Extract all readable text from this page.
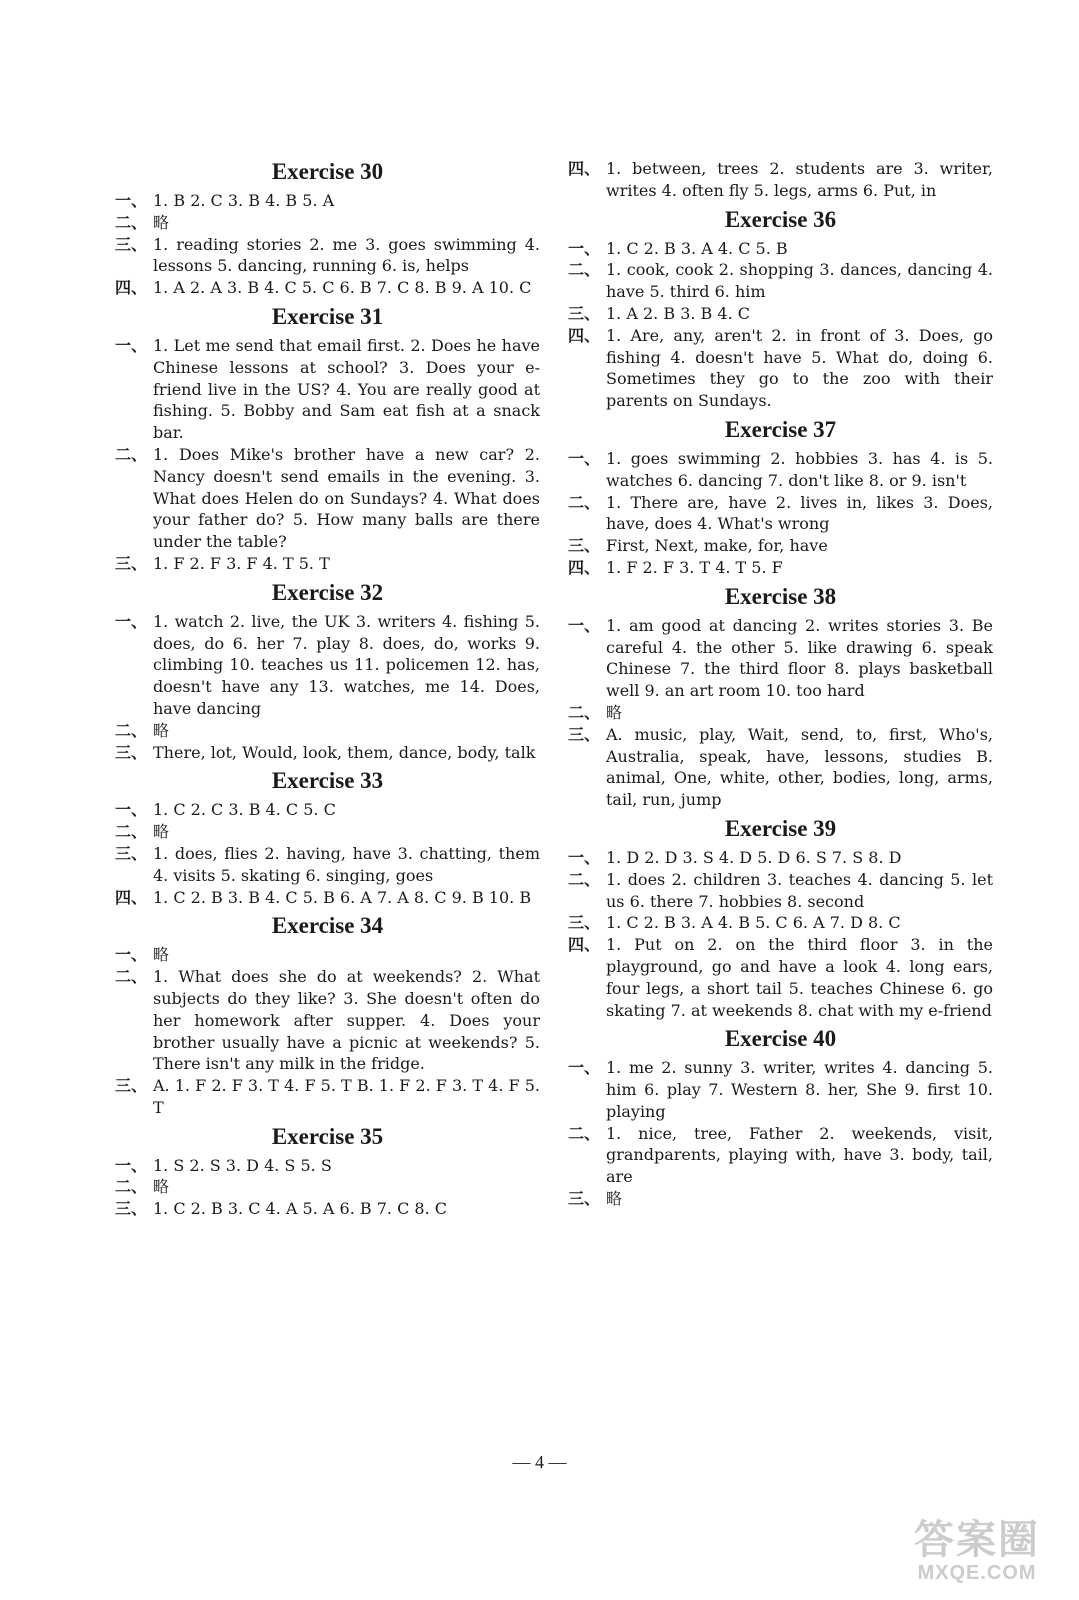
Exercise 30
一、 1. B 2. C 3. B 4. B 5. A
二、 略
三、 1. reading stories 2. me 3. goes swimming 4. lessons 5. dancing, running 6. is, helps
四、 1. A 2. A 3. B 4. C 5. C 6. B 7. C 8. B 9. A 10. C
Exercise 31
一、 1. Let me send that email first. 2. Does he have Chinese lessons at school? 3. Does your e-friend live in the US? 4. You are really good at fishing. 5. Bobby and Sam eat fish at a snack bar.
二、 1. Does Mike's brother have a new car? 2. Nancy doesn't send emails in the evening. 3. What does Helen do on Sundays? 4. What does your father do? 5. How many balls are there under the table?
三、 1. F 2. F 3. F 4. T 5. T
Exercise 32
一、 1. watch 2. live, the UK 3. writers 4. fishing 5. does, do 6. her 7. play 8. does, do, works 9. climbing 10. teaches us 11. policemen 12. has, doesn't have any 13. watches, me 14. Does, have dancing
二、 略
三、 There, lot, Would, look, them, dance, body, talk
Exercise 33
一、 1. C 2. C 3. B 4. C 5. C
二、 略
三、 1. does, flies 2. having, have 3. chatting, them 4. visits 5. skating 6. singing, goes
四、 1. C 2. B 3. B 4. C 5. B 6. A 7. A 8. C 9. B 10. B
Exercise 34
一、 略
二、 1. What does she do at weekends? 2. What subjects do they like? 3. She doesn't often do her homework after supper. 4. Does your brother usually have a picnic at weekends? 5. There isn't any milk in the fridge.
三、 A. 1. F 2. F 3. T 4. F 5. T B. 1. F 2. F 3. T 4. F 5. T
Exercise 35
一、 1. S 2. S 3. D 4. S 5. S
二、 略
三、 1. C 2. B 3. C 4. A 5. A 6. B 7. C 8. C
四、 1. between, trees 2. students are 3. writer, writes 4. often fly 5. legs, arms 6. Put, in
Exercise 36
一、 1. C 2. B 3. A 4. C 5. B
二、 1. cook, cook 2. shopping 3. dances, dancing 4. have 5. third 6. him
三、 1. A 2. B 3. B 4. C
四、 1. Are, any, aren't 2. in front of 3. Does, go fishing 4. doesn't have 5. What do, doing 6. Sometimes they go to the zoo with their parents on Sundays.
Exercise 37
一、 1. goes swimming 2. hobbies 3. has 4. is 5. watches 6. dancing 7. don't like 8. or 9. isn't
二、 1. There are, have 2. lives in, likes 3. Does, have, does 4. What's wrong
三、 First, Next, make, for, have
四、 1. F 2. F 3. T 4. T 5. F
Exercise 38
一、 1. am good at dancing 2. writes stories 3. Be careful 4. the other 5. like drawing 6. speak Chinese 7. the third floor 8. plays basketball well 9. an art room 10. too hard
二、 略
三、 A. music, play, Wait, send, to, first, Who's, Australia, speak, have, lessons, studies B. animal, One, white, other, bodies, long, arms, tail, run, jump
Exercise 39
一、 1. D 2. D 3. S 4. D 5. D 6. S 7. S 8. D
二、 1. does 2. children 3. teaches 4. dancing 5. let us 6. there 7. hobbies 8. second
三、 1. C 2. B 3. A 4. B 5. C 6. A 7. D 8. C
四、 1. Put on 2. on the third floor 3. in the playground, go and have a look 4. long ears, four legs, a short tail 5. teaches Chinese 6. go skating 7. at weekends 8. chat with my e-friend
Exercise 40
一、 1. me 2. sunny 3. writer, writes 4. dancing 5. him 6. play 7. Western 8. her, She 9. first 10. playing
二、 1. nice, tree, Father 2. weekends, visit, grandparents, playing with, have 3. body, tail, are
三、 略
— 4 —
答案圈
MXQE.COM
